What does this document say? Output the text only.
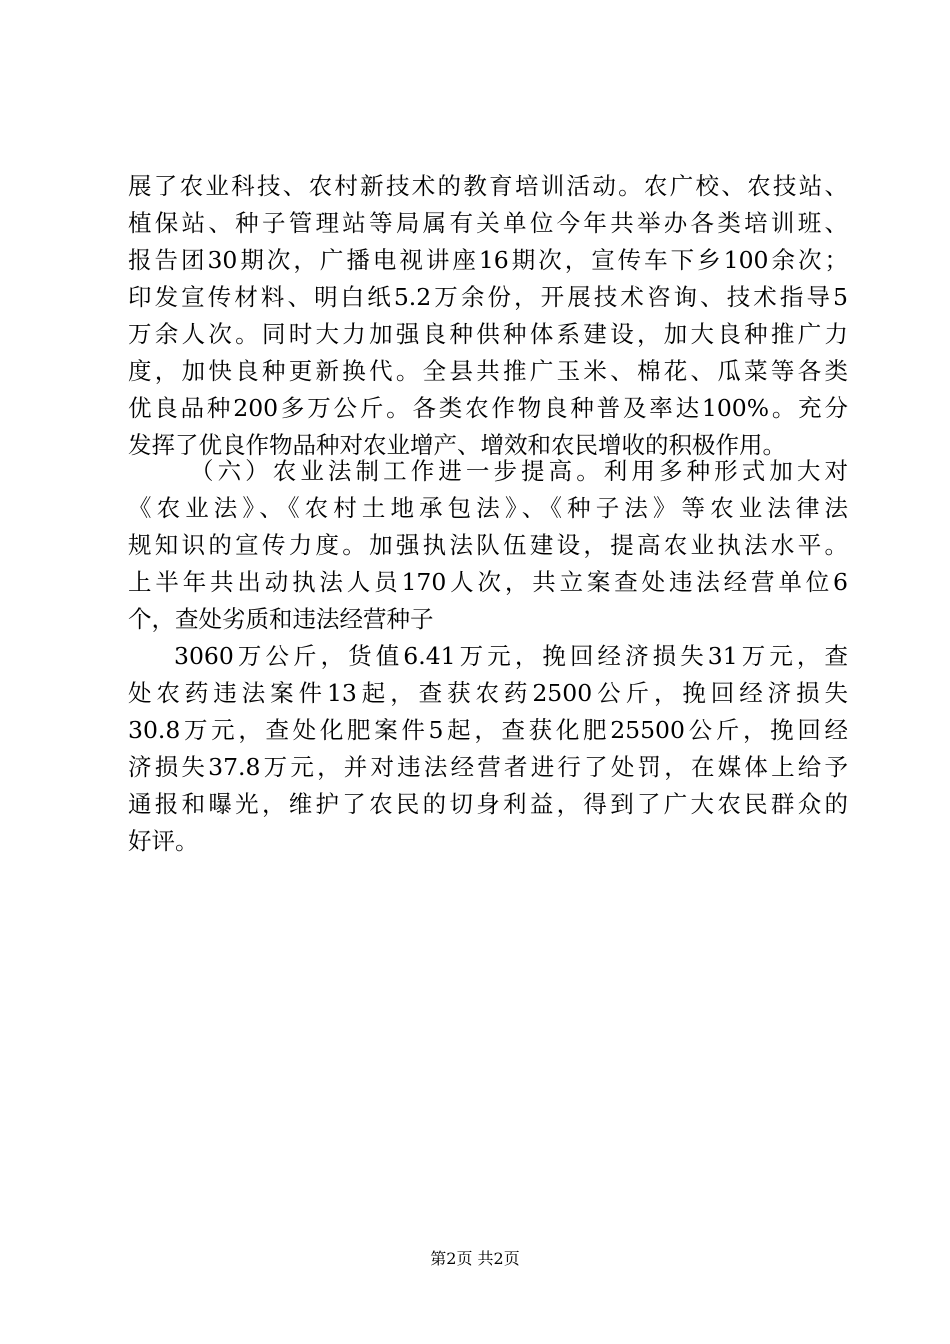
展了农业科技、农村新技术的教育培训活动。农广校、农技站、
植保站、种子管理站等局属有关单位今年共举办各类培训班、
报告团30期次，广播电视讲座16期次，宣传车下乡100余次；
印发宣传材料、明白纸5.2万余份，开展技术咨询、技术指导5
万余人次。同时大力加强良种供种体系建设，加大良种推广力
度，加快良种更新换代。全县共推广玉米、棉花、瓜菜等各类
优良品种200多万公斤。各类农作物良种普及率达100%。充分
发挥了优良作物品种对农业增产、增效和农民增收的积极作用。
（六）农业法制工作进一步提高。利用多种形式加大对
《农业法》、《农村土地承包法》、《种子法》等农业法律法
规知识的宣传力度。加强执法队伍建设，提高农业执法水平。
上半年共出动执法人员170人次，共立案查处违法经营单位6
个，查处劣质和违法经营种子
3060万公斤，货值6.41万元，挽回经济损失31万元，查
处农药违法案件13起，查获农药2500公斤，挽回经济损失
30.8万元，查处化肥案件5起，查获化肥25500公斤，挽回经
济损失37.8万元，并对违法经营者进行了处罚，在媒体上给予
通报和曝光，维护了农民的切身利益，得到了广大农民群众的
好评。
第2页 共2页
